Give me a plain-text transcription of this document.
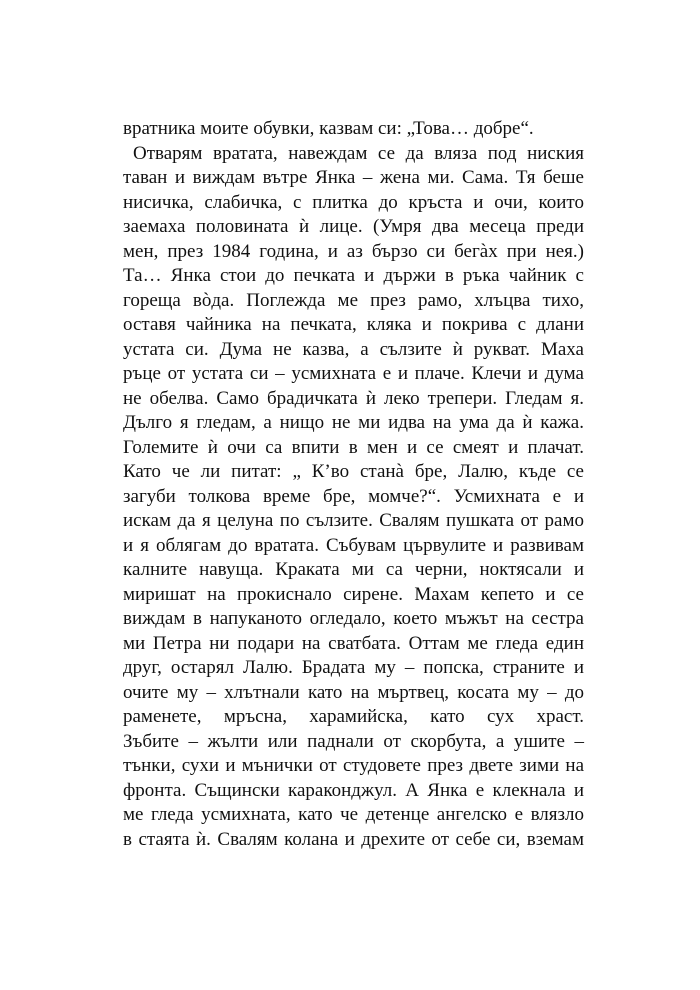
вратника моите обувки, казвам си: „Това… добре“.
Отварям вратата, навеждам се да вляза под ниския
таван и виждам вътре Янка – жена ми. Сама. Тя беше
нисичка, слабичка, с плитка до кръста и очи, които
заемаха половината ѝ лице. (Умря два месеца преди
мен, през 1984 година, и аз бързо си бегàх при нея.)
Та… Янка стои до печката и държи в ръка чайник с
гореща вòда. Поглежда ме през рамо, хлъцва тихо,
оставя чайника на печката, кляка и покрива с длани
устата си. Дума не казва, а сълзите ѝ рукват. Маха
ръце от устата си – усмихната е и плаче. Клечи и дума
не обелва. Само брадичката ѝ леко трепери. Гледам я.
Дълго я гледам, а нищо не ми идва на ума да ѝ кажа.
Големите ѝ очи са впити в мен и се смеят и плачат.
Като че ли питат: „ К’во станà бре, Лалю, къде се
загуби толкова време бре, момче?“. Усмихната е и
искам да я целуна по сълзите. Свалям пушката от рамо
и я облягам до вратата. Събувам цървулите и развивам
калните навуща. Краката ми са черни, ноктясали и
миришат на прокиснало сирене. Махам кепето и се
виждам в напуканото огледало, което мъжът на сестра
ми Петра ни подари на сватбата. Оттам ме гледа един
друг, остарял Лалю. Брадата му – попска, страните и
очите му – хлътнали като на мъртвец, косата му – до
раменете, мръсна, харамийска, като сух храст.
Зъбите – жълти или паднали от скорбута, а ушите –
тънки, сухи и мънички от студовете през двете зими на
фронта. Същински караконджул. А Янка е клекнала и
ме гледа усмихната, като че детенце ангелско е влязло
в стаята ѝ. Свалям колана и дрехите от себе си, вземам
